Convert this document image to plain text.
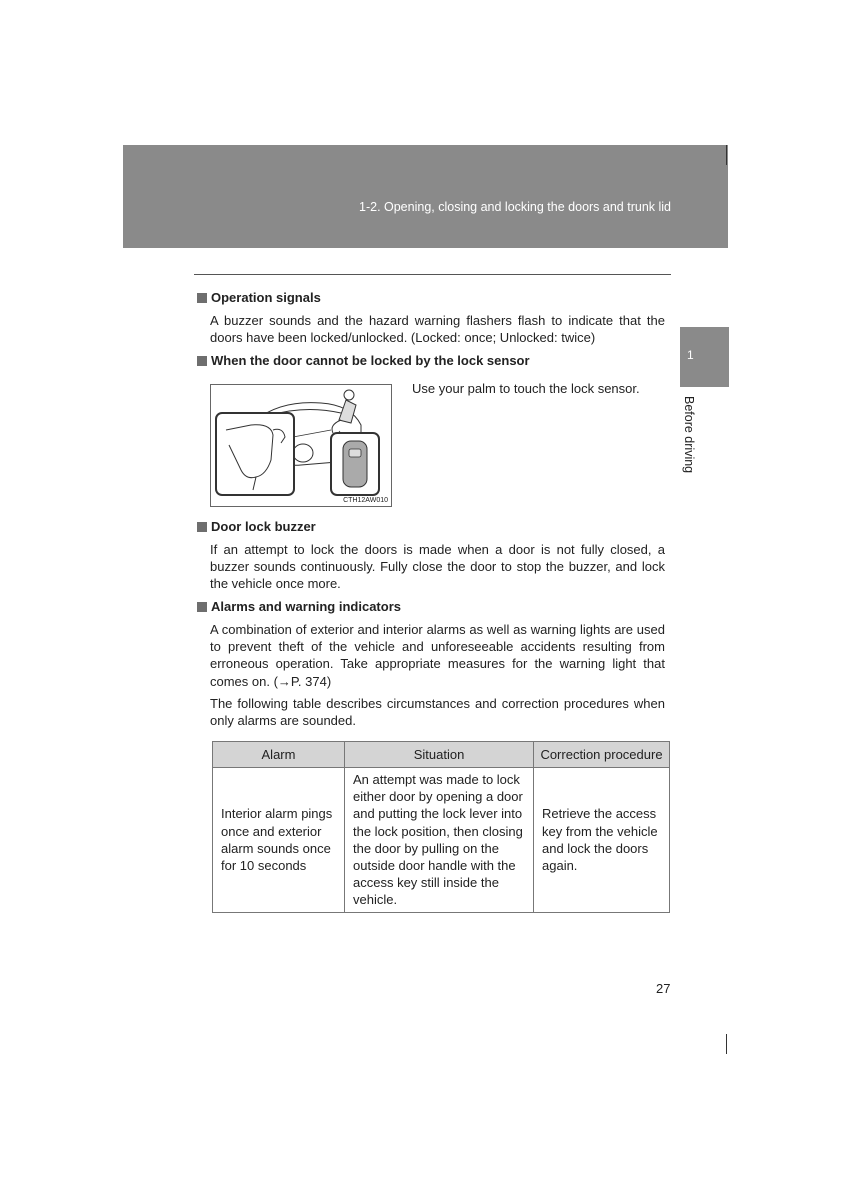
1-2. Opening, closing and locking the doors and trunk lid
1
Before driving
Operation signals
A buzzer sounds and the hazard warning flashers flash to indicate that the doors have been locked/unlocked. (Locked: once; Unlocked: twice)
When the door cannot be locked by the lock sensor
CTH12AW010
Use your palm to touch the lock sensor.
Door lock buzzer
If an attempt to lock the doors is made when a door is not fully closed, a buzzer sounds continuously. Fully close the door to stop the buzzer, and lock the vehicle once more.
Alarms and warning indicators
A combination of exterior and interior alarms as well as warning lights are used to prevent theft of the vehicle and unforeseeable accidents resulting from erroneous operation. Take appropriate measures for the warning light that comes on. (→P. 374)
The following table describes circumstances and correction procedures when only alarms are sounded.
Alarm	Situation	Correction procedure
Interior alarm pings once and exterior alarm sounds once for 10 seconds	An attempt was made to lock either door by opening a door and putting the lock lever into the lock position, then closing the door by pulling on the outside door handle with the access key still inside the vehicle.	Retrieve the access key from the vehicle and lock the doors again.
27
